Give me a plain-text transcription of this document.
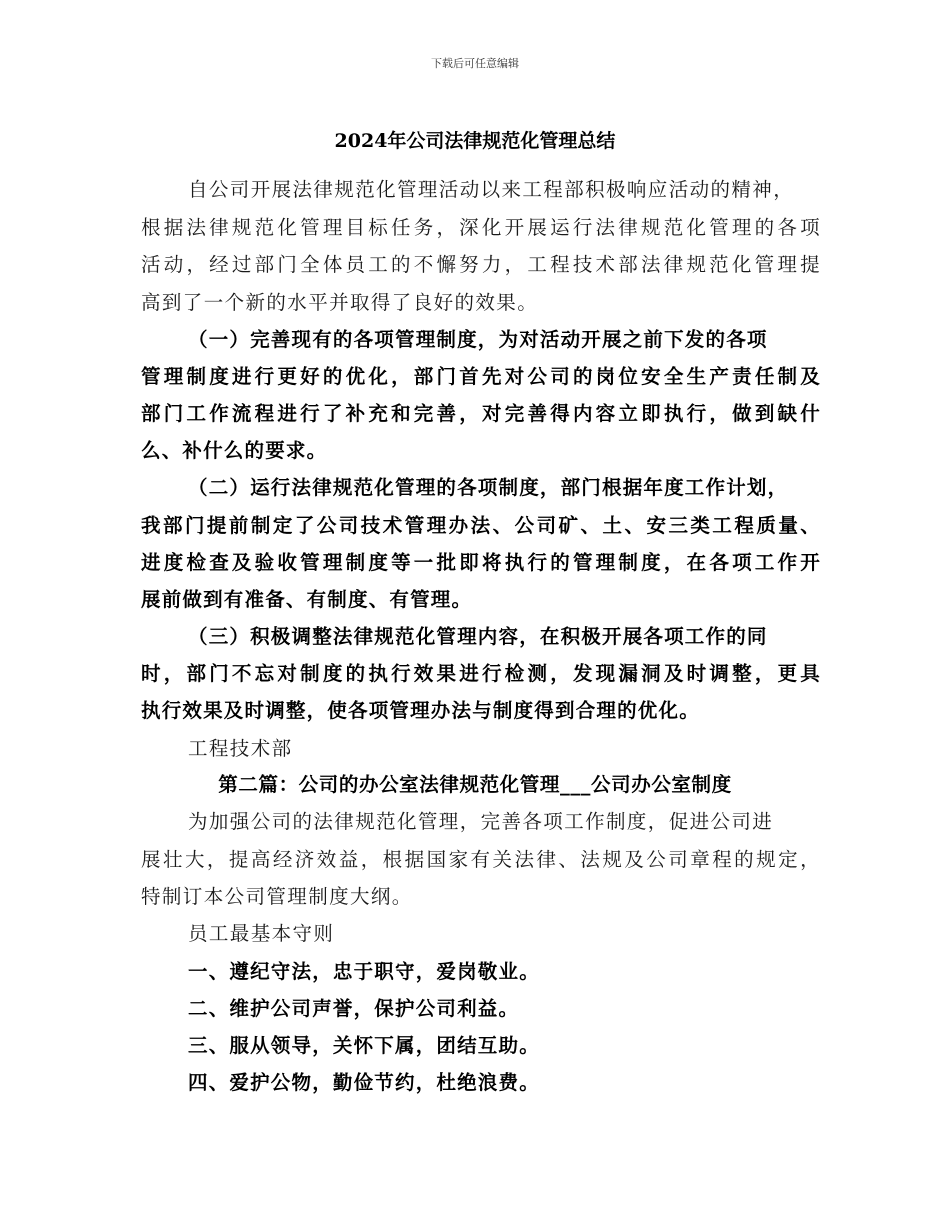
下载后可任意编辑
2024年公司法律规范化管理总结
自公司开展法律规范化管理活动以来工程部积极响应活动的精神，
根据法律规范化管理目标任务，深化开展运行法律规范化管理的各项
活动，经过部门全体员工的不懈努力，工程技术部法律规范化管理提
高到了一个新的水平并取得了良好的效果。
（一）完善现有的各项管理制度，为对活动开展之前下发的各项
管理制度进行更好的优化，部门首先对公司的岗位安全生产责任制及
部门工作流程进行了补充和完善，对完善得内容立即执行，做到缺什
么、补什么的要求。
（二）运行法律规范化管理的各项制度，部门根据年度工作计划，
我部门提前制定了公司技术管理办法、公司矿、土、安三类工程质量、
进度检查及验收管理制度等一批即将执行的管理制度，在各项工作开
展前做到有准备、有制度、有管理。
（三）积极调整法律规范化管理内容，在积极开展各项工作的同
时，部门不忘对制度的执行效果进行检测，发现漏洞及时调整，更具
执行效果及时调整，使各项管理办法与制度得到合理的优化。
工程技术部
第二篇：公司的办公室法律规范化管理___公司办公室制度
为加强公司的法律规范化管理，完善各项工作制度，促进公司进
展壮大，提高经济效益，根据国家有关法律、法规及公司章程的规定，
特制订本公司管理制度大纲。
员工最基本守则
一、遵纪守法，忠于职守，爱岗敬业。
二、维护公司声誉，保护公司利益。
三、服从领导，关怀下属，团结互助。
四、爱护公物，勤俭节约，杜绝浪费。
